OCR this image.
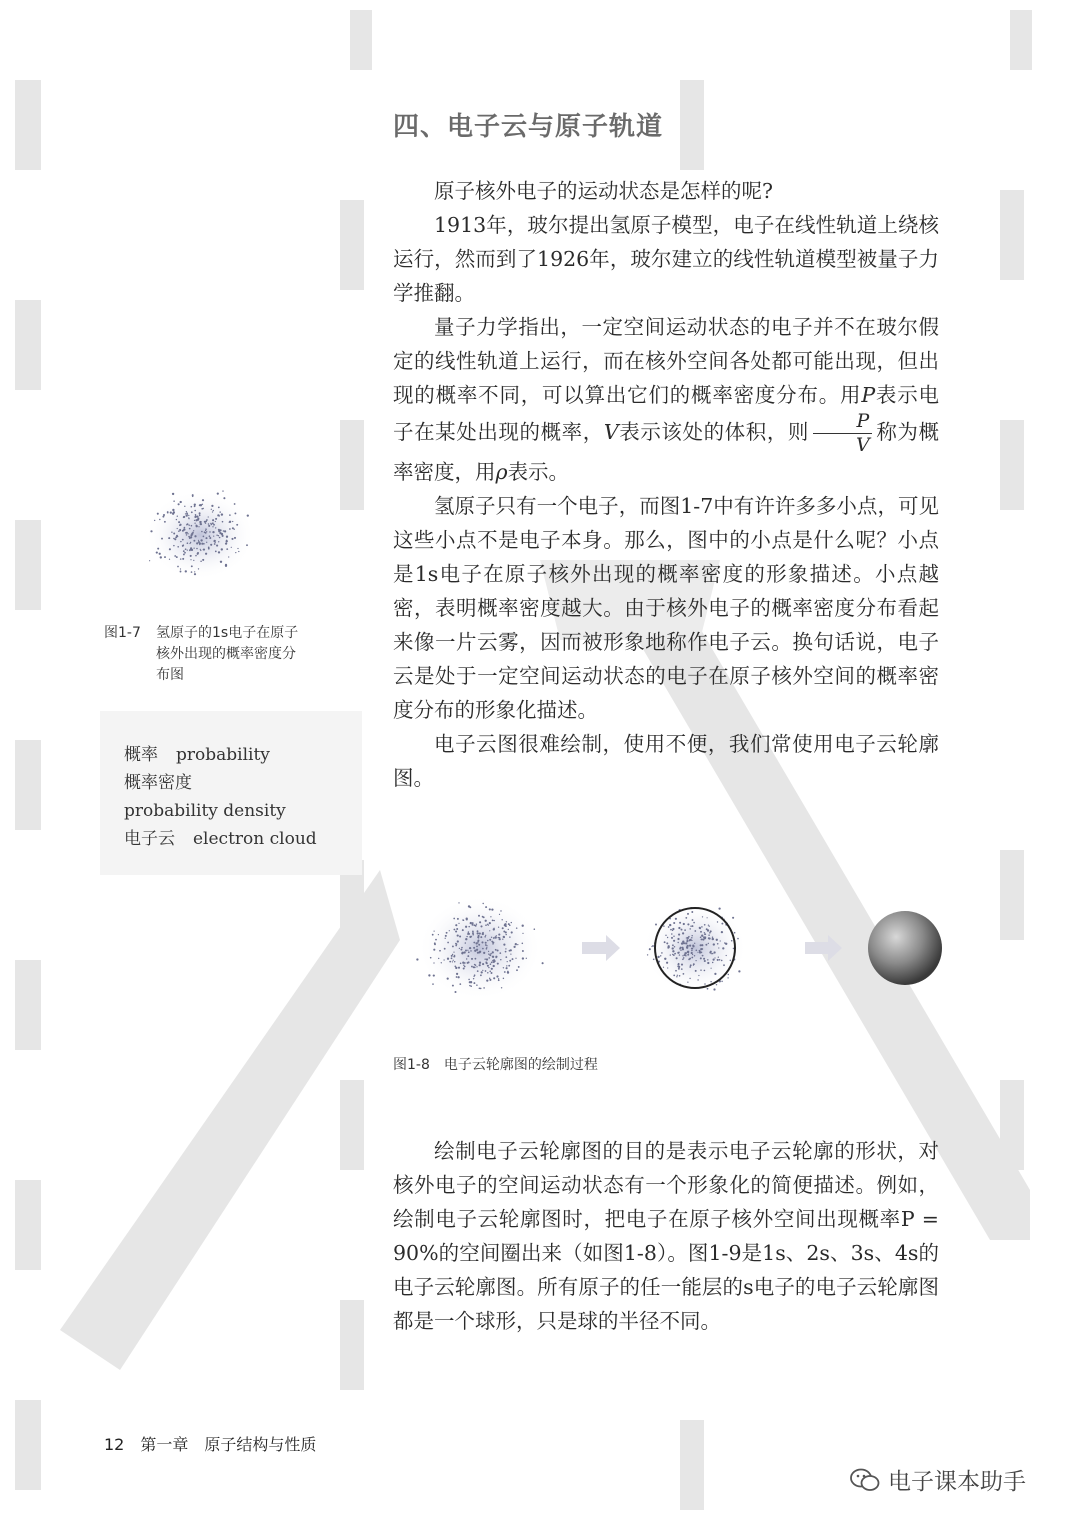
四、电子云与原子轨道

原子核外电子的运动状态是怎样的呢?

1913年，玻尔提出氢原子模型，电子在线性轨道上绕核运行，然而到了1926年，玻尔建立的线性轨道模型被量子力学推翻。

量子力学指出，一定空间运动状态的电子并不在玻尔假定的线性轨道上运行，而在核外空间各处都可能出现，但出现的概率不同，可以算出它们的概率密度分布。用P表示电子在某处出现的概率，V表示该处的体积，则 $\frac{P}{V}$ 称为概率密度，用ρ表示。

氢原子只有一个电子，而图1-7中有许许多多小点，可见这些小点不是电子本身。那么，图中的小点是什么呢？小点是1s电子在原子核外出现的概率密度的形象描述。小点越密，表明概率密度越大。由于核外电子的概率密度分布看起来像一片云雾，因而被形象地称作电子云。换句话说，电子云是处于一定空间运动状态的电子在原子核外空间的概率密度分布的形象化描述。

电子云图很难绘制，使用不便，我们常使用电子云轮廓图。

图1-7 氢原子的1s电子在原子核外出现的概率密度分布图
概率 probability
概率密度
probability density
电子云 electron cloud
图1-8 电子云轮廓图的绘制过程

绘制电子云轮廓图的目的是表示电子云轮廓的形状，对核外电子的空间运动状态有一个形象化的简便描述。例如，绘制电子云轮廓图时，把电子在原子核外空间出现概率P = 90%的空间圈出来（如图1-8）。图1-9是1s、2s、3s、4s的电子云轮廓图。所有原子的任一能层的s电子的电子云轮廓图都是一个球形，只是球的半径不同。

12 第一章 原子结构与性质
电子课本助手
